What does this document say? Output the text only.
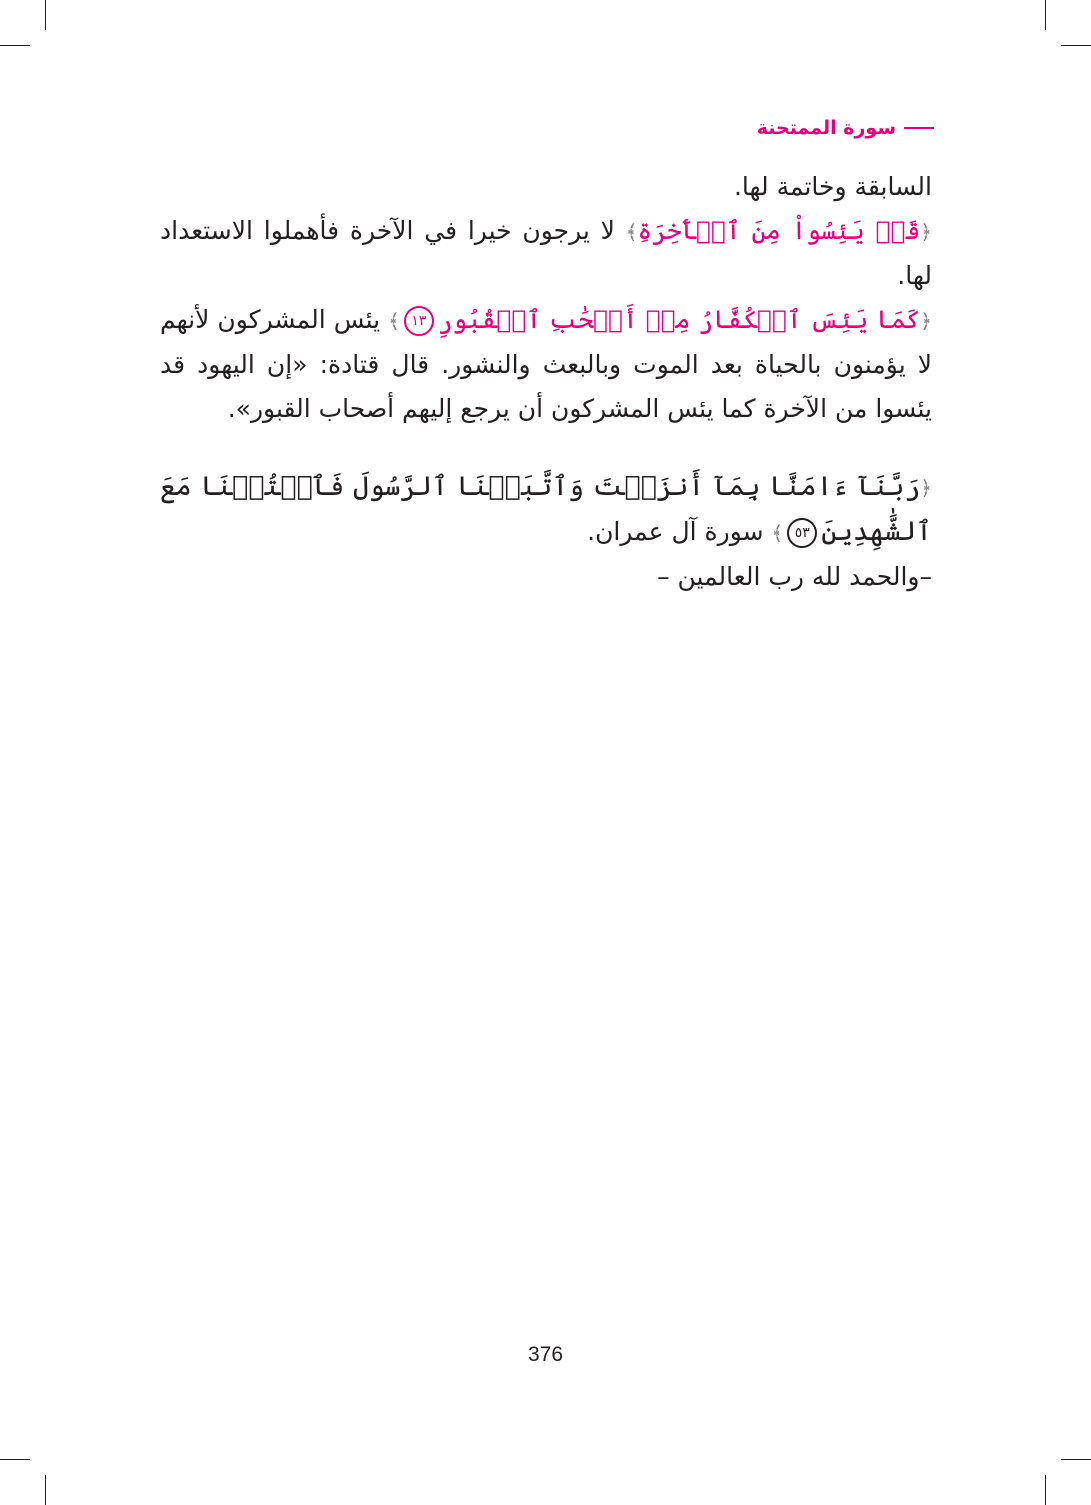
سورة الممتحنة

السابقة وخاتمة لها.

﴿قَدۡ يَئِسُواْ مِنَ ٱلۡأٓخِرَةِ﴾ لا يرجون خيرا في الآخرة فأهملوا الاستعداد لها.

﴿كَمَا يَئِسَ ٱلۡكُفَّارُ مِنۡ أَصۡحَٰبِ ٱلۡقُبُورِ١٣﴾ يئس المشركون لأنهم لا يؤمنون بالحياة بعد الموت وبالبعث والنشور. قال قتادة: «إن اليهود قد يئسوا من الآخرة كما يئس المشركون أن يرجع إليهم أصحاب القبور».

﴿رَبَّنَآ ءَامَنَّا بِمَآ أَنزَلۡتَ وَٱتَّبَعۡنَا ٱلرَّسُولَ فَٱكۡتُبۡنَا مَعَ ٱلشَّٰهِدِينَ٥٣﴾ سورة آل عمران.

–والحمد لله رب العالمين –

376
